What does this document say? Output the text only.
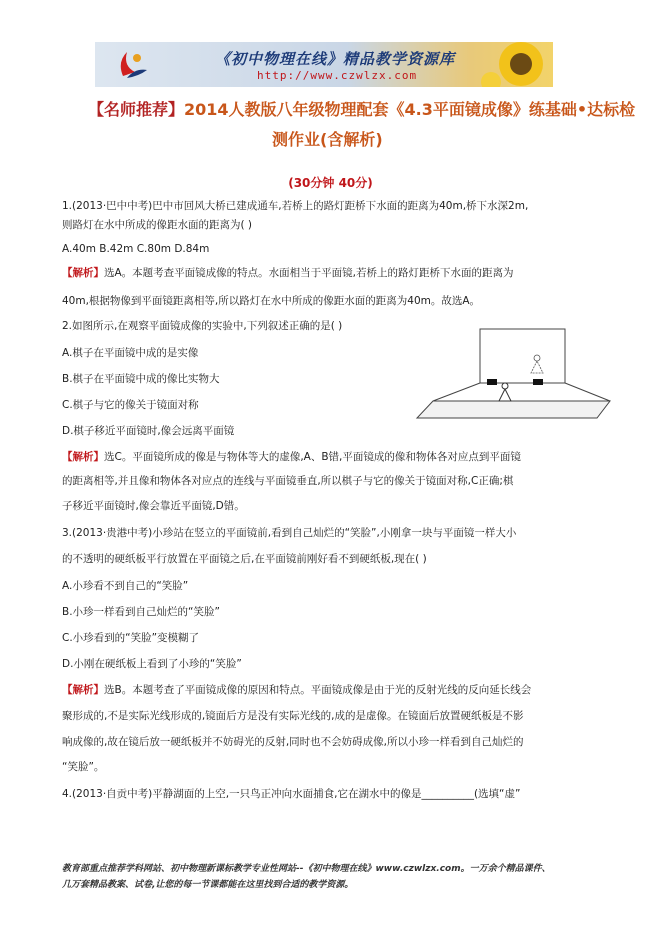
《初中物理在线》精品教学资源库
http://www.czwlzx.com
【名师推荐】2014人教版八年级物理配套《4.3平面镜成像》练基础•达标检
测作业(含解析)
(30分钟 40分)
1.(2013·巴中中考)巴中市回风大桥已建成通车,若桥上的路灯距桥下水面的距离为40m,桥下水深2m,
则路灯在水中所成的像距水面的距离为( )
A.40m B.42m C.80m D.84m
【解析】选A。本题考查平面镜成像的特点。水面相当于平面镜,若桥上的路灯距桥下水面的距离为
40m,根据物像到平面镜距离相等,所以路灯在水中所成的像距水面的距离为40m。故选A。
2.如图所示,在观察平面镜成像的实验中,下列叙述正确的是( )
A.棋子在平面镜中成的是实像
B.棋子在平面镜中成的像比实物大
C.棋子与它的像关于镜面对称
D.棋子移近平面镜时,像会远离平面镜
【解析】选C。平面镜所成的像是与物体等大的虚像,A、B错,平面镜成的像和物体各对应点到平面镜
的距离相等,并且像和物体各对应点的连线与平面镜垂直,所以棋子与它的像关于镜面对称,C正确;棋
子移近平面镜时,像会靠近平面镜,D错。
3.(2013·贵港中考)小珍站在竖立的平面镜前,看到自己灿烂的“笑脸”,小刚拿一块与平面镜一样大小
的不透明的硬纸板平行放置在平面镜之后,在平面镜前刚好看不到硬纸板,现在( )
A.小珍看不到自己的“笑脸”
B.小珍一样看到自己灿烂的“笑脸”
C.小珍看到的“笑脸”变模糊了
D.小刚在硬纸板上看到了小珍的“笑脸”
【解析】选B。本题考查了平面镜成像的原因和特点。平面镜成像是由于光的反射光线的反向延长线会
聚形成的,不是实际光线形成的,镜面后方是没有实际光线的,成的是虚像。在镜面后放置硬纸板是不影
响成像的,故在镜后放一硬纸板并不妨碍光的反射,同时也不会妨碍成像,所以小珍一样看到自己灿烂的
“笑脸”。
4.(2013·自贡中考)平静湖面的上空,一只鸟正冲向水面捕食,它在湖水中的像是__________(选填“虚”
教育部重点推荐学科网站、初中物理新课标教学专业性网站--《初中物理在线》www.czwlzx.com。一万余个精品课件、
几万套精品教案、试卷,让您的每一节课都能在这里找到合适的教学资源。
